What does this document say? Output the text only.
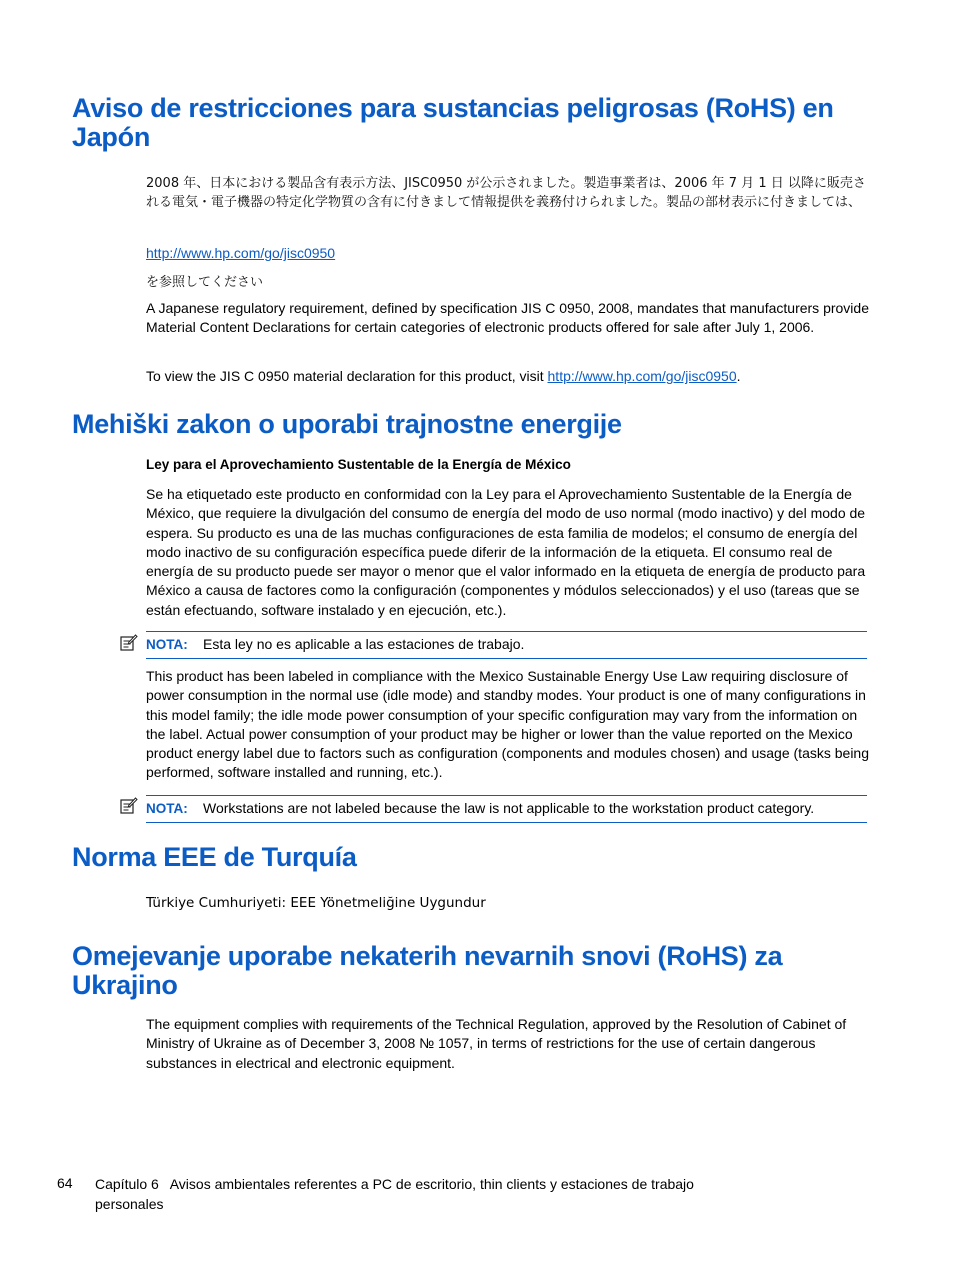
Aviso de restricciones para sustancias peligrosas (RoHS) en Japón

2008 年、日本における製品含有表示方法、JISC0950 が公示されました。製造事業者は、2006 年 7 月 1 日 以降に販売される電気・電子機器の特定化学物質の含有に付きまして情報提供を義務付けられました。製品の部材表示に付きましては、

http://www.hp.com/go/jisc0950

を参照してください

A Japanese regulatory requirement, defined by specification JIS C 0950, 2008, mandates that manufacturers provide Material Content Declarations for certain categories of electronic products offered for sale after July 1, 2006.

To view the JIS C 0950 material declaration for this product, visit http://www.hp.com/go/jisc0950.

Mehiški zakon o uporabi trajnostne energije

Ley para el Aprovechamiento Sustentable de la Energía de México

Se ha etiquetado este producto en conformidad con la Ley para el Aprovechamiento Sustentable de la Energía de México, que requiere la divulgación del consumo de energía del modo de uso normal (modo inactivo) y del modo de espera. Su producto es una de las muchas configuraciones de esta familia de modelos; el consumo de energía del modo inactivo de su configuración específica puede diferir de la información de la etiqueta. El consumo real de energía de su producto puede ser mayor o menor que el valor informado en la etiqueta de energía de producto para México a causa de factores como la configuración (componentes y módulos seleccionados) y el uso (tareas que se están efectuando, software instalado y en ejecución, etc.).

NOTA: Esta ley no es aplicable a las estaciones de trabajo.

This product has been labeled in compliance with the Mexico Sustainable Energy Use Law requiring disclosure of power consumption in the normal use (idle mode) and standby modes. Your product is one of many configurations in this model family; the idle mode power consumption of your specific configuration may vary from the information on the label. Actual power consumption of your product may be higher or lower than the value reported on the Mexico product energy label due to factors such as configuration (components and modules chosen) and usage (tasks being performed, software installed and running, etc.).

NOTA: Workstations are not labeled because the law is not applicable to the workstation product category.
Norma EEE de Turquía

Türkiye Cumhuriyeti: EEE Yönetmeliğine Uygundur

Omejevanje uporabe nekaterih nevarnih snovi (RoHS) za Ukrajino

The equipment complies with requirements of the Technical Regulation, approved by the Resolution of Cabinet of Ministry of Ukraine as of December 3, 2008 № 1057, in terms of restrictions for the use of certain dangerous substances in electrical and electronic equipment.

64 Capítulo 6   Avisos ambientales referentes a PC de escritorio, thin clients y estaciones de trabajo personales
